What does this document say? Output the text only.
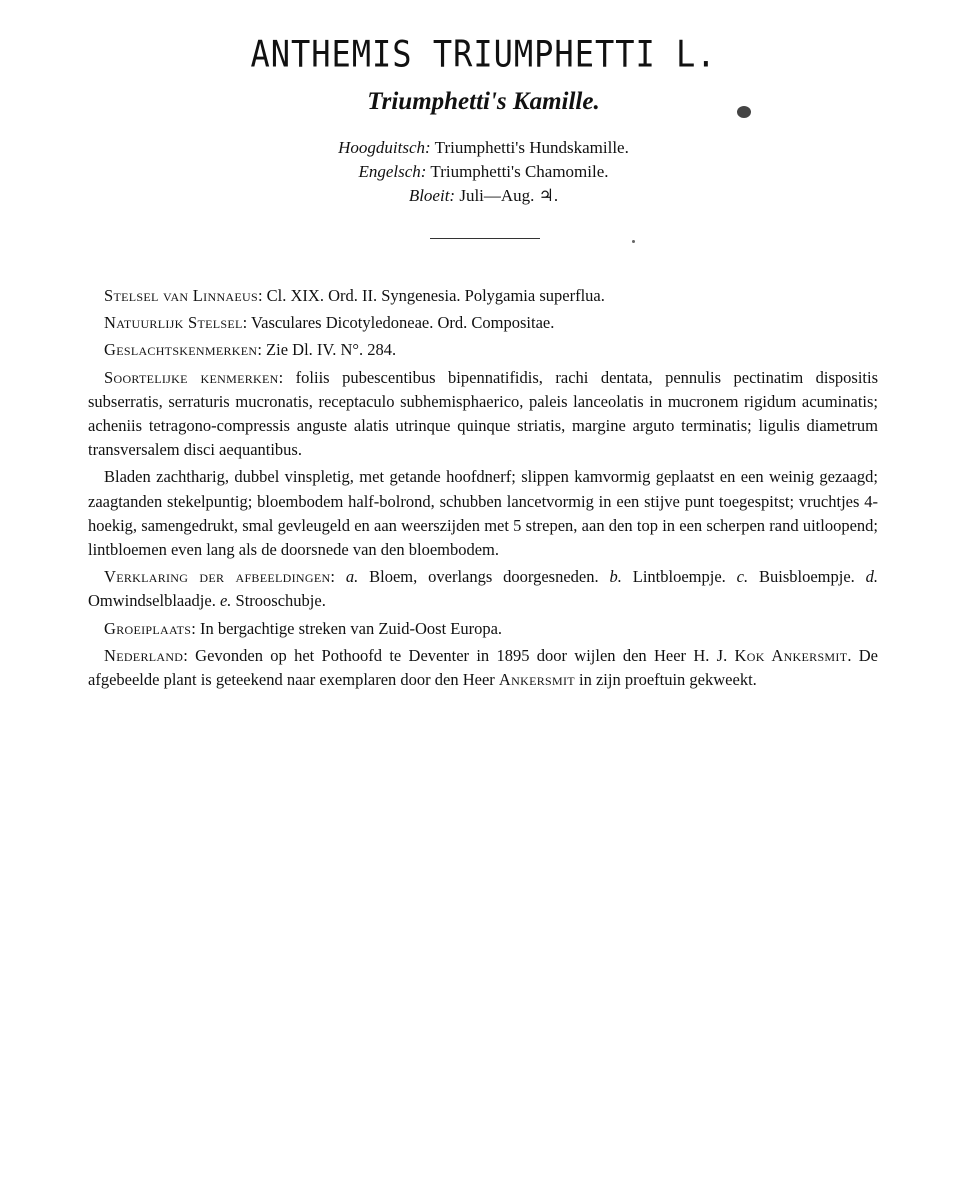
ANTHEMIS TRIUMPHETTI L.
Triumphetti's Kamille.
Hoogduitsch: Triumphetti's Hundskamille.
Engelsch: Triumphetti's Chamomile.
Bloeit: Juli—Aug. ♃.

Stelsel van Linnaeus: Cl. XIX. Ord. II. Syngenesia. Polygamia superflua.

Natuurlijk Stelsel: Vasculares Dicotyledoneae. Ord. Compositae.

Geslachtskenmerken: Zie Dl. IV. N°. 284.

Soortelijke kenmerken: foliis pubescentibus bipennatifidis, rachi dentata, pennulis pectinatim dispositis subserratis, serraturis mucronatis, receptaculo subhemisphaerico, paleis lanceolatis in mucronem rigidum acuminatis; acheniis tetragono-compressis anguste alatis utrinque quinque striatis, margine arguto terminatis; ligulis diametrum transversalem disci aequantibus.

Bladen zachtharig, dubbel vinspletig, met getande hoofdnerf; slippen kamvormig geplaatst en een weinig gezaagd; zaagtanden stekelpuntig; bloembodem half-bolrond, schubben lancetvormig in een stijve punt toegespitst; vruchtjes 4-hoekig, samengedrukt, smal gevleugeld en aan weerszijden met 5 strepen, aan den top in een scherpen rand uitloopend; lintbloemen even lang als de doorsnede van den bloembodem.

Verklaring der afbeeldingen: a. Bloem, overlangs doorgesneden. b. Lintbloempje. c. Buisbloempje. d. Omwindselblaadje. e. Strooschubje.

Groeiplaats: In bergachtige streken van Zuid-Oost Europa.

Nederland: Gevonden op het Pothoofd te Deventer in 1895 door wijlen den Heer H. J. Kok Ankersmit. De afgebeelde plant is geteekend naar exemplaren door den Heer Ankersmit in zijn proeftuin gekweekt.
